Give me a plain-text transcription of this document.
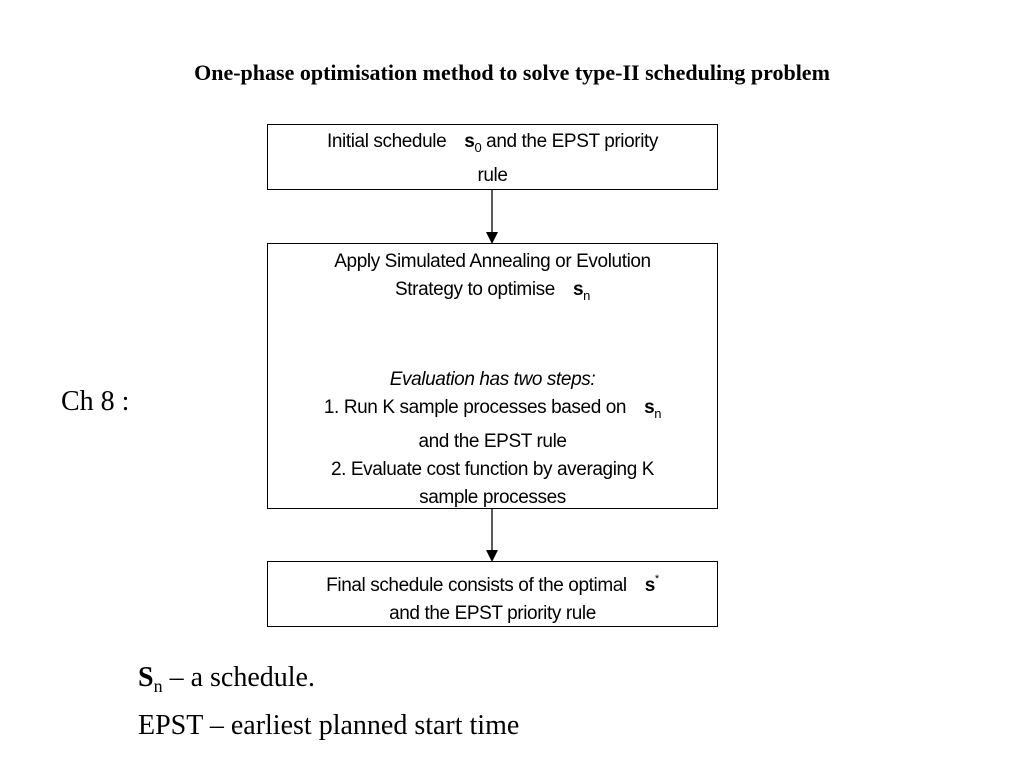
One-phase optimisation method to solve type-II scheduling problem
Ch 8 :

Initial schedule $s_0$ and the EPST priority

rule

Apply Simulated Annealing or Evolution

Strategy to optimise $s_n$

Evaluation has two steps:

1. Run K sample processes based on $s_n$

and the EPST rule

2. Evaluate cost function by averaging K

sample processes

Final schedule consists of the optimal s*

and the EPST priority rule

$S_n$ – a schedule.
EPST – earliest planned start time
